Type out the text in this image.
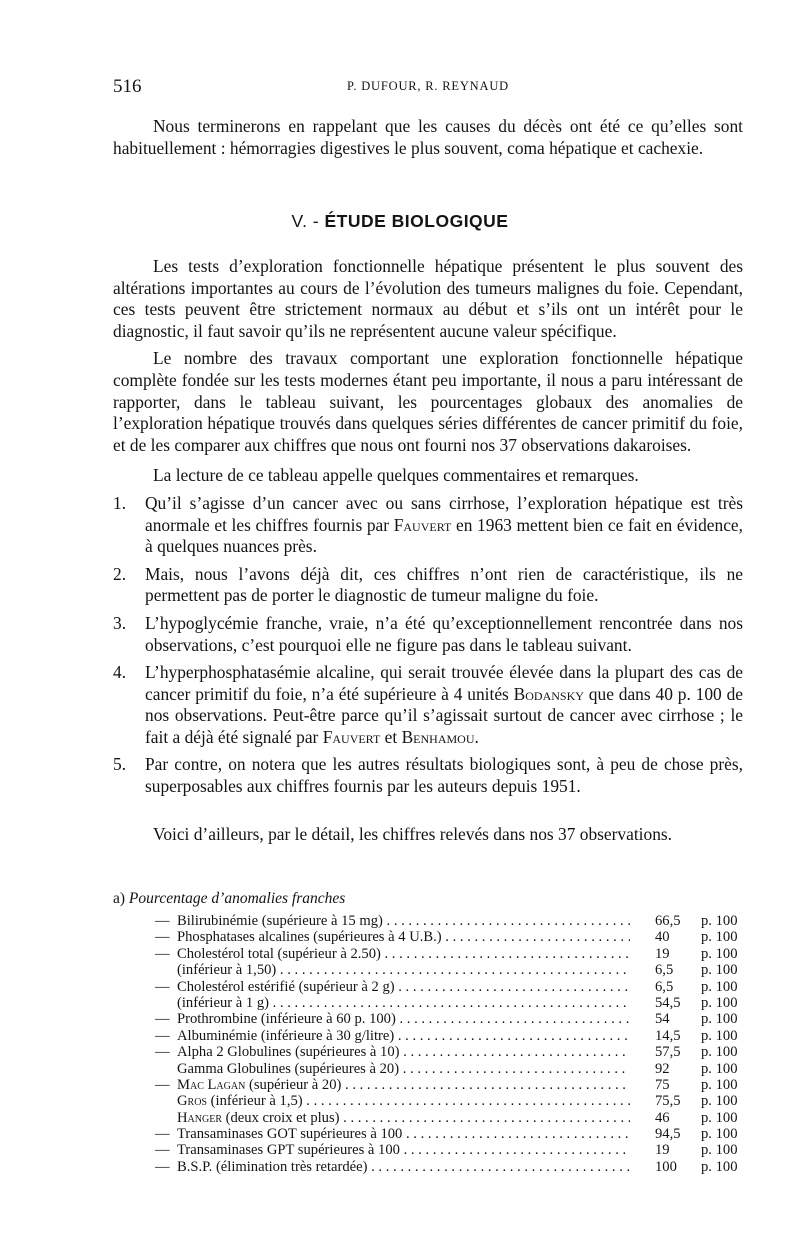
516	P. DUFOUR, R. REYNAUD

Nous terminerons en rappelant que les causes du décès ont été ce qu’elles sont habituellement : hémorragies digestives le plus souvent, coma hépatique et cachexie.

V. - ÉTUDE BIOLOGIQUE

Les tests d’exploration fonctionnelle hépatique présentent le plus souvent des altérations importantes au cours de l’évolution des tumeurs malignes du foie. Cependant, ces tests peuvent être strictement normaux au début et s’ils ont un intérêt pour le diagnostic, il faut savoir qu’ils ne représentent aucune valeur spécifique.

Le nombre des travaux comportant une exploration fonctionnelle hépatique complète fondée sur les tests modernes étant peu importante, il nous a paru intéressant de rapporter, dans le tableau suivant, les pourcentages globaux des anomalies de l’exploration hépatique trouvés dans quelques séries différentes de cancer primitif du foie, et de les comparer aux chiffres que nous ont fourni nos 37 observations dakaroises.

La lecture de ce tableau appelle quelques commentaires et remarques.

1. Qu’il s’agisse d’un cancer avec ou sans cirrhose, l’exploration hépatique est très anormale et les chiffres fournis par Fauvert en 1963 mettent bien ce fait en évidence, à quelques nuances près.
2. Mais, nous l’avons déjà dit, ces chiffres n’ont rien de caractéristique, ils ne permettent pas de porter le diagnostic de tumeur maligne du foie.
3. L’hypoglycémie franche, vraie, n’a été qu’exceptionnellement rencontrée dans nos observations, c’est pourquoi elle ne figure pas dans le tableau suivant.
4. L’hyperphosphatasémie alcaline, qui serait trouvée élevée dans la plupart des cas de cancer primitif du foie, n’a été supérieure à 4 unités Bodansky que dans 40 p. 100 de nos observations. Peut-être parce qu’il s’agissait surtout de cancer avec cirrhose ; le fait a déjà été signalé par Fauvert et Benhamou.
5. Par contre, on notera que les autres résultats biologiques sont, à peu de chose près, superposables aux chiffres fournis par les auteurs depuis 1951.

Voici d’ailleurs, par le détail, les chiffres relevés dans nos 37 observations.

a) Pourcentage d’anomalies franches
— Bilirubinémie (supérieure à 15 mg) . . .	66,5	p. 100
— Phosphatases alcalines (supérieures à 4 U.B.) . . .	40	p. 100
— Cholestérol total (supérieur à 2.50) . . .	19	p. 100
(inférieur à 1,50) . . .	6,5	p. 100
— Cholestérol estérifié (supérieur à 2 g) . . .	6,5	p. 100
(inférieur à 1 g) . . .	54,5	p. 100
— Prothrombine (inférieure à 60 p. 100) . . .	54	p. 100
— Albuminémie (inférieure à 30 g/litre) . . .	14,5	p. 100
— Alpha 2 Globulines (supérieures à 10) . . .	57,5	p. 100
Gamma Globulines (supérieures à 20) . . .	92	p. 100
— Mac Lagan (supérieur à 20) . . .	75	p. 100
Gros (inférieur à 1,5) . . .	75,5	p. 100
Hanger (deux croix et plus) . . .	46	p. 100
— Transaminases GOT supérieures à 100 . . .	94,5	p. 100
— Transaminases GPT supérieures à 100 . . .	19	p. 100
— B.S.P. (élimination très retardée) . . .	100	p. 100
